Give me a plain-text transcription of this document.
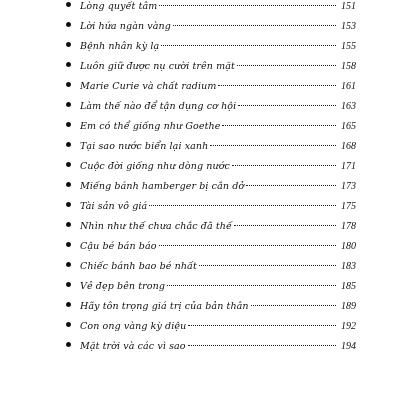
Lòng quyết tâm	151
Lời hứa ngàn vàng	153
Bệnh nhân kỳ lạ	155
Luôn giữ được nụ cười trên mặt	158
Marie Curie và chất radium	161
Làm thế nào để tận dụng cơ hội	163
Em có thể giống như Goethe	165
Tại sao nước biển lại xanh	168
Cuộc đời giống như dòng nước	171
Miếng bánh hamberger bị cắn dở	173
Tài sản vô giá	175
Nhìn như thế chưa chắc đã thế	178
Cậu bé bán báo	180
Chiếc bánh bao bé nhất	183
Vẻ đẹp bên trong	185
Hãy tôn trọng giá trị của bản thân	189
Con ong vàng kỳ diệu	192
Mặt trời và các vì sao	194
